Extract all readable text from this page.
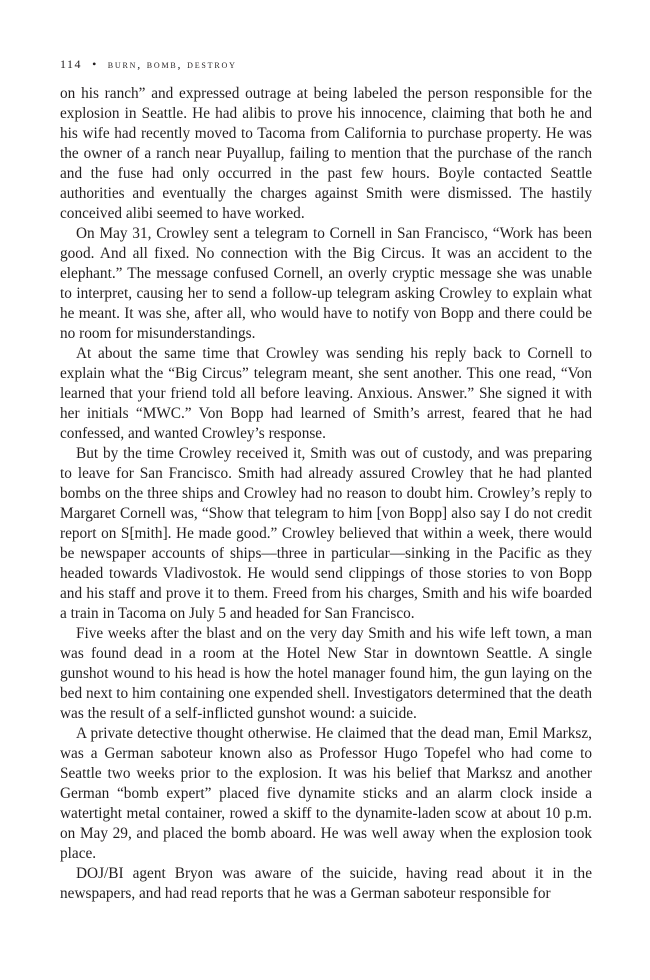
114 • burn, bomb, destroy

on his ranch” and expressed outrage at being labeled the person responsible for the explosion in Seattle. He had alibis to prove his innocence, claiming that both he and his wife had recently moved to Tacoma from California to purchase property. He was the owner of a ranch near Puyallup, failing to mention that the purchase of the ranch and the fuse had only occurred in the past few hours. Boyle contacted Seattle authorities and eventually the charges against Smith were dismissed. The hastily conceived alibi seemed to have worked.

On May 31, Crowley sent a telegram to Cornell in San Francisco, “Work has been good. And all fixed. No connection with the Big Circus. It was an accident to the elephant.” The message confused Cornell, an overly cryptic message she was unable to interpret, causing her to send a follow-up telegram asking Crowley to explain what he meant. It was she, after all, who would have to notify von Bopp and there could be no room for misunderstandings.

At about the same time that Crowley was sending his reply back to Cornell to explain what the “Big Circus” telegram meant, she sent another. This one read, “Von learned that your friend told all before leaving. Anxious. Answer.” She signed it with her initials “MWC.” Von Bopp had learned of Smith’s arrest, feared that he had confessed, and wanted Crowley’s response.

But by the time Crowley received it, Smith was out of custody, and was preparing to leave for San Francisco. Smith had already assured Crowley that he had planted bombs on the three ships and Crowley had no reason to doubt him. Crowley’s reply to Margaret Cornell was, “Show that telegram to him [von Bopp] also say I do not credit report on S[mith]. He made good.” Crowley believed that within a week, there would be newspaper accounts of ships—three in particular—sinking in the Pacific as they headed towards Vladivostok. He would send clippings of those stories to von Bopp and his staff and prove it to them. Freed from his charges, Smith and his wife boarded a train in Tacoma on July 5 and headed for San Francisco.

Five weeks after the blast and on the very day Smith and his wife left town, a man was found dead in a room at the Hotel New Star in downtown Seattle. A single gunshot wound to his head is how the hotel manager found him, the gun laying on the bed next to him containing one expended shell. Investigators determined that the death was the result of a self-inflicted gunshot wound: a suicide.

A private detective thought otherwise. He claimed that the dead man, Emil Marksz, was a German saboteur known also as Professor Hugo Topefel who had come to Seattle two weeks prior to the explosion. It was his belief that Marksz and another German “bomb expert” placed five dynamite sticks and an alarm clock inside a watertight metal container, rowed a skiff to the dynamite-laden scow at about 10 p.m. on May 29, and placed the bomb aboard. He was well away when the explosion took place.

DOJ/BI agent Bryon was aware of the suicide, having read about it in the newspapers, and had read reports that he was a German saboteur responsible for
